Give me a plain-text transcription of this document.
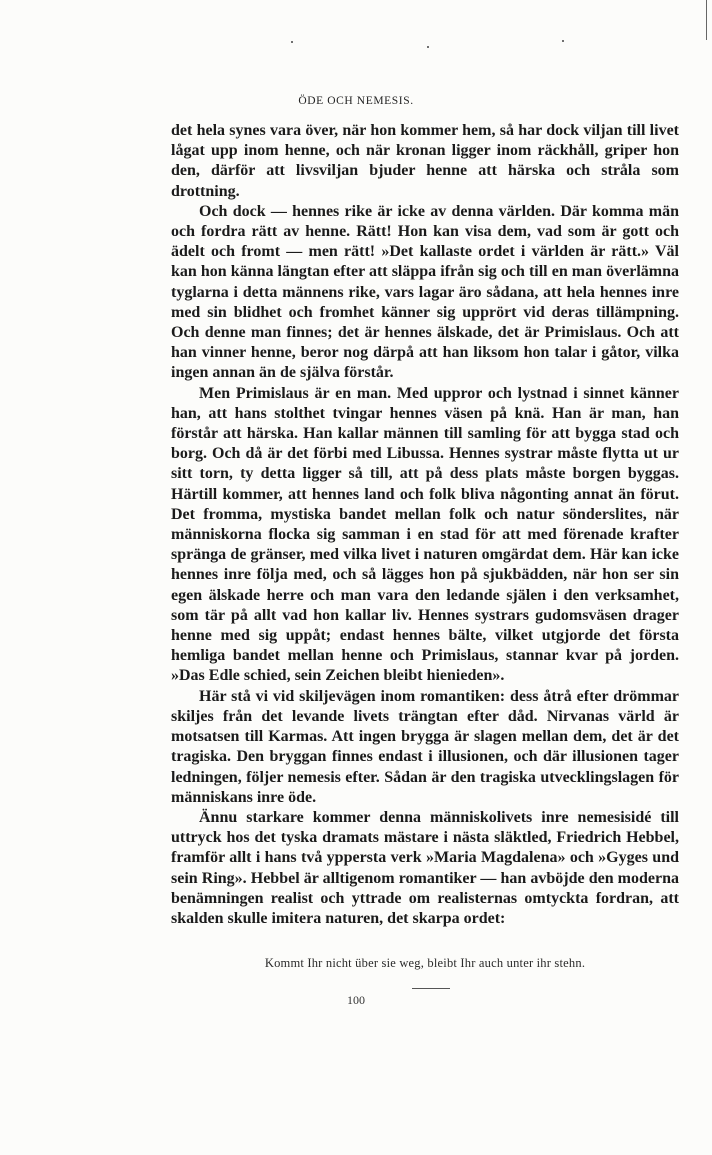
ÖDE OCH NEMESIS.

det hela synes vara över, när hon kommer hem, så har dock viljan till livet lågat upp inom henne, och när kronan ligger inom räckhåll, griper hon den, därför att livsviljan bjuder henne att härska och stråla som drottning.

Och dock — hennes rike är icke av denna världen. Där komma män och fordra rätt av henne. Rätt! Hon kan visa dem, vad som är gott och ädelt och fromt — men rätt! »Det kallaste ordet i världen är rätt.» Väl kan hon känna längtan efter att släppa ifrån sig och till en man överlämna tyglarna i detta männens rike, vars lagar äro sådana, att hela hennes inre med sin blidhet och fromhet känner sig upprört vid deras tillämpning. Och denne man finnes; det är hennes älskade, det är Primislaus. Och att han vinner henne, beror nog därpå att han liksom hon talar i gåtor, vilka ingen annan än de själva förstår.

Men Primislaus är en man. Med uppror och lystnad i sinnet känner han, att hans stolthet tvingar hennes väsen på knä. Han är man, han förstår att härska. Han kallar männen till samling för att bygga stad och borg. Och då är det förbi med Libussa. Hennes systrar måste flytta ut ur sitt torn, ty detta ligger så till, att på dess plats måste borgen byggas. Härtill kommer, att hennes land och folk bliva någonting annat än förut. Det fromma, mystiska bandet mellan folk och natur sönderslites, när människorna flocka sig samman i en stad för att med förenade krafter spränga de gränser, med vilka livet i naturen omgärdat dem. Här kan icke hennes inre följa med, och så lägges hon på sjukbädden, när hon ser sin egen älskade herre och man vara den ledande själen i den verksamhet, som tär på allt vad hon kallar liv. Hennes systrars gudomsväsen drager henne med sig uppåt; endast hennes bälte, vilket utgjorde det första hemliga bandet mellan henne och Primislaus, stannar kvar på jorden. »Das Edle schied, sein Zeichen bleibt hienieden».

Här stå vi vid skiljevägen inom romantiken: dess åtrå efter drömmar skiljes från det levande livets trängtan efter dåd. Nirvanas värld är motsatsen till Karmas. Att ingen brygga är slagen mellan dem, det är det tragiska. Den bryggan finnes endast i illusionen, och där illusionen tager ledningen, följer nemesis efter. Sådan är den tragiska utvecklingslagen för människans inre öde.

Ännu starkare kommer denna människolivets inre nemesisidé till uttryck hos det tyska dramats mästare i nästa släktled, Friedrich Hebbel, framför allt i hans två yppersta verk »Maria Magdalena» och »Gyges und sein Ring». Hebbel är alltigenom romantiker — han avböjde den moderna benämningen realist och yttrade om realisternas omtyckta fordran, att skalden skulle imitera naturen, det skarpa ordet:

Kommt Ihr nicht über sie weg, bleibt Ihr auch unter ihr stehn.
100
